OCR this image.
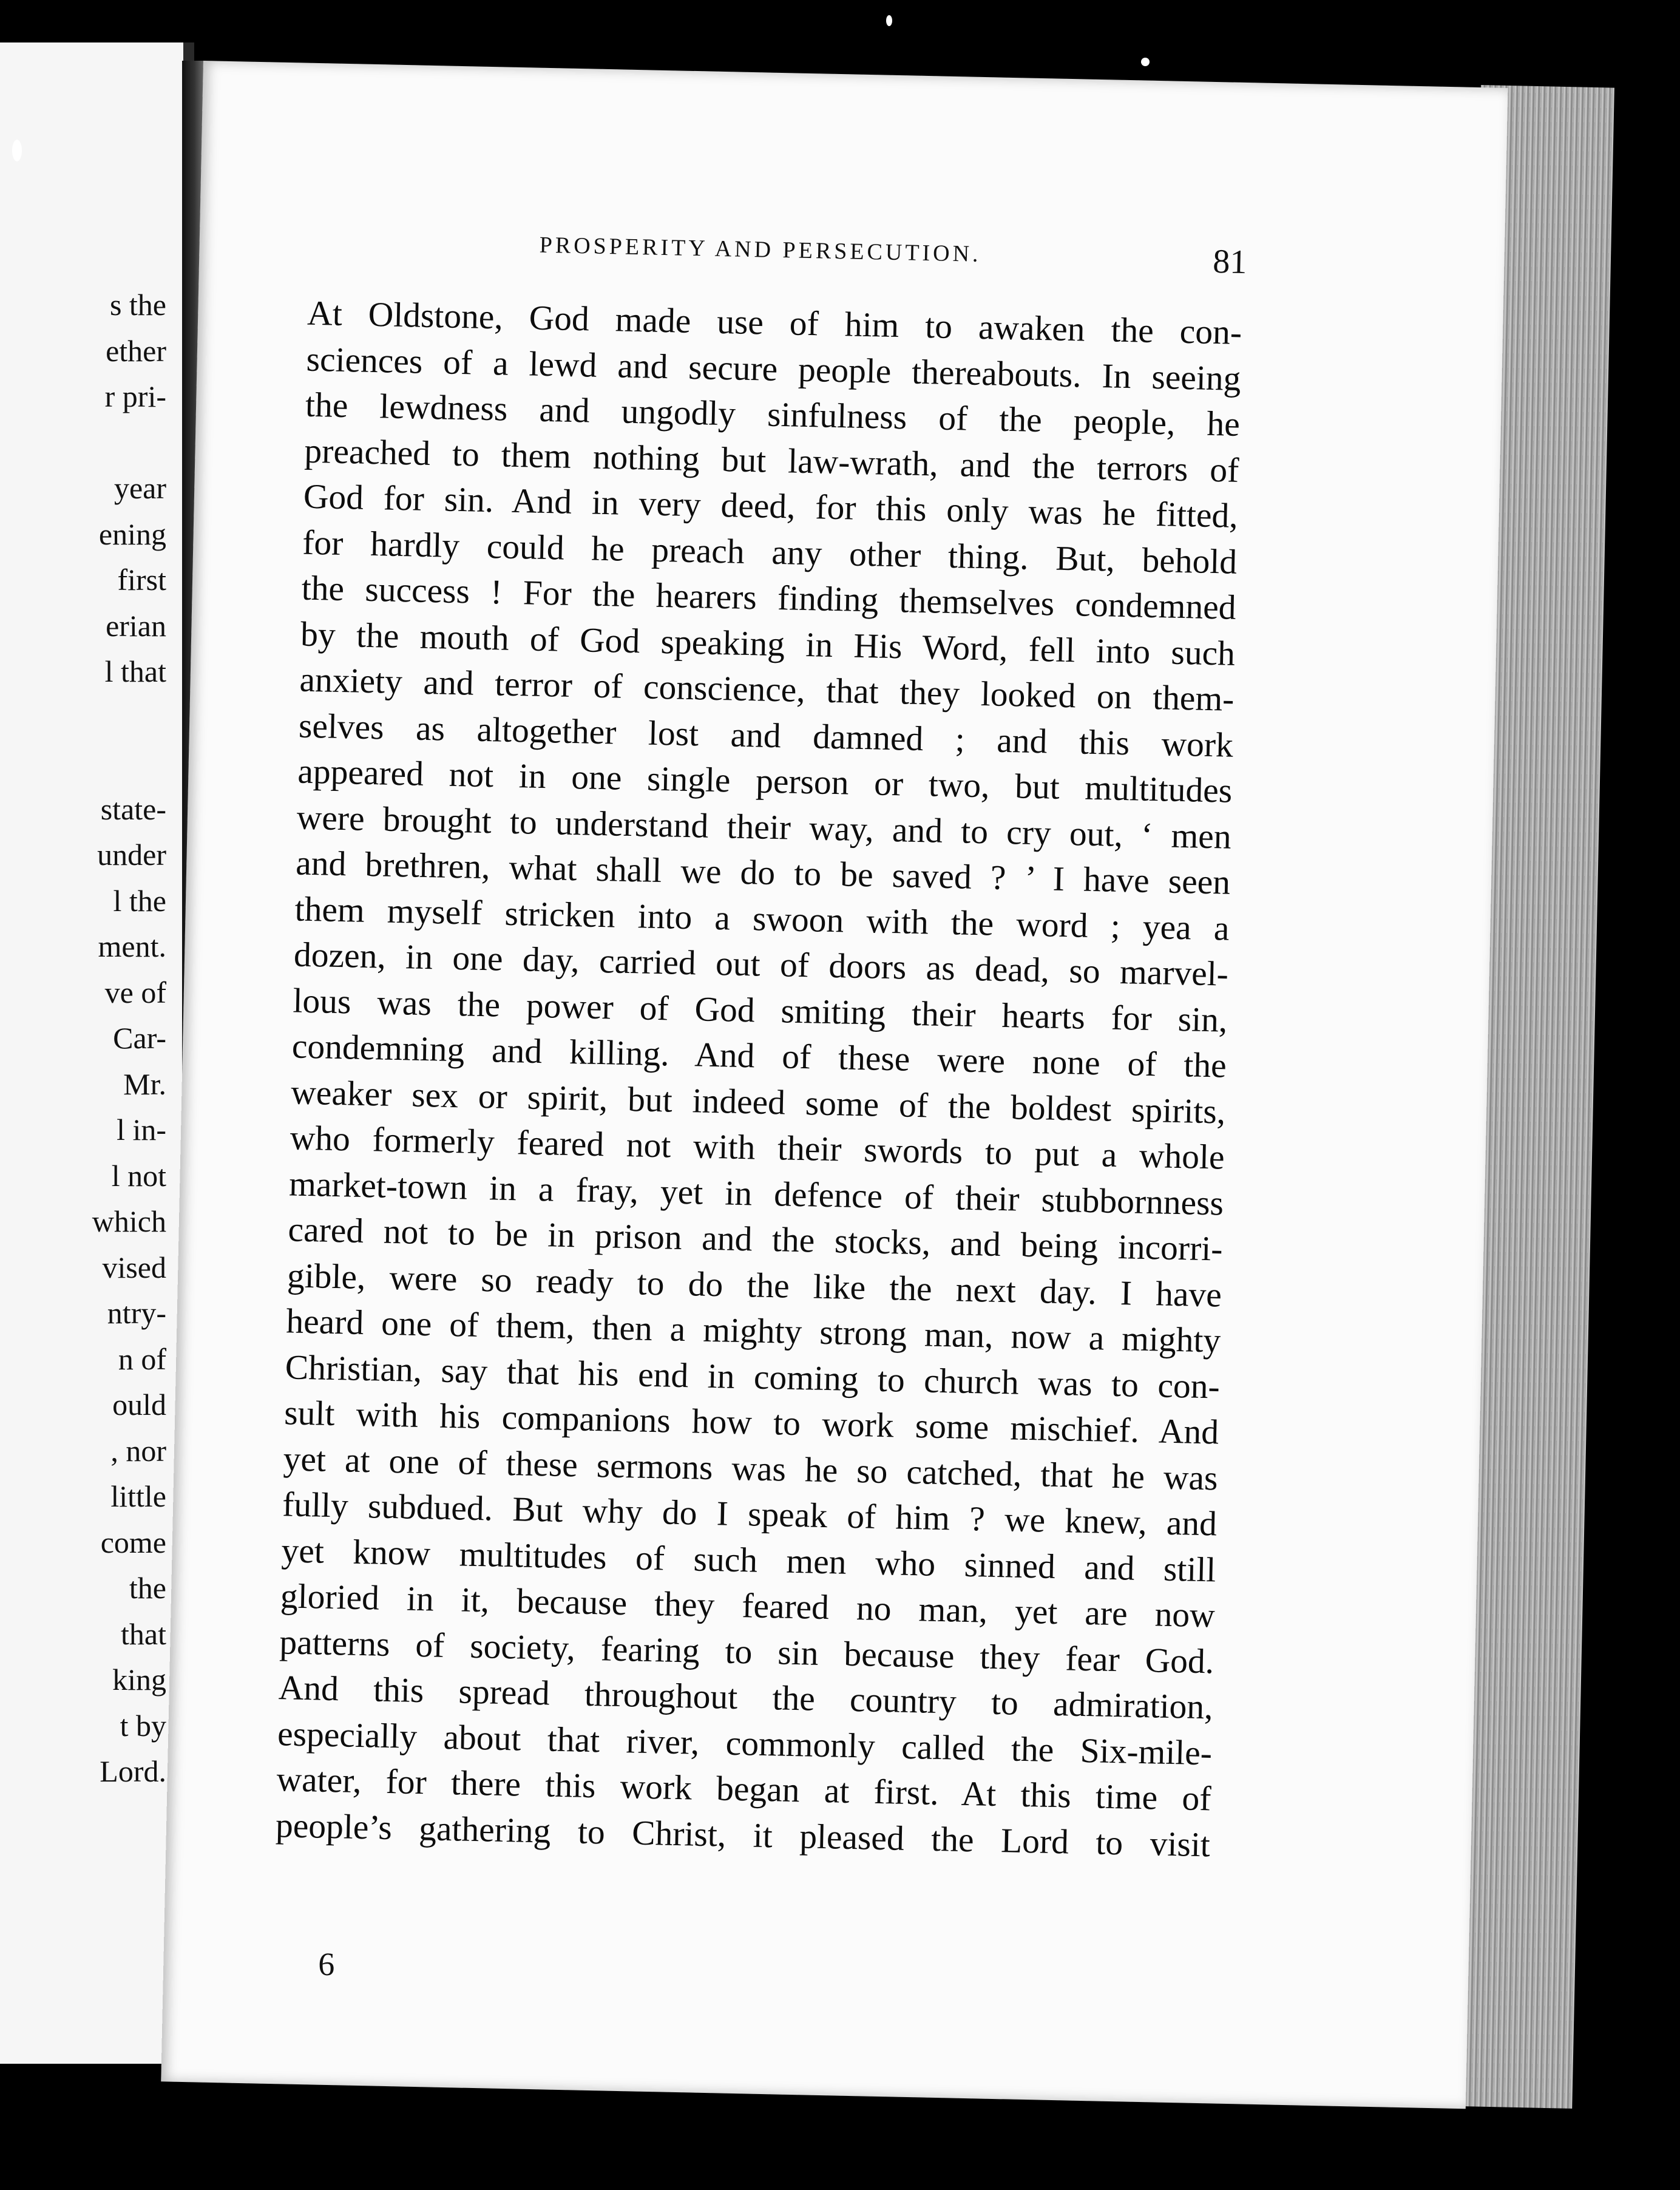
s the
ether
r pri-
year
ening
first
erian
l that
state-
under
l the
ment.
ve of
Car-
Mr.
l in-
l not
which
vised
ntry-
n of
ould
, nor
little
come
the
that
king
t by
Lord.
PROSPERITY AND PERSECUTION.	81
At Oldstone, God made use of him to awaken the con-
sciences of a lewd and secure people thereabouts. In seeing
the lewdness and ungodly sinfulness of the people, he
preached to them nothing but law-wrath, and the terrors of
God for sin. And in very deed, for this only was he fitted,
for hardly could he preach any other thing. But, behold
the success ! For the hearers finding themselves condemned
by the mouth of God speaking in His Word, fell into such
anxiety and terror of conscience, that they looked on them-
selves as altogether lost and damned ; and this work
appeared not in one single person or two, but multitudes
were brought to understand their way, and to cry out, ‘ men
and brethren, what shall we do to be saved ? ’ I have seen
them myself stricken into a swoon with the word ; yea a
dozen, in one day, carried out of doors as dead, so marvel-
lous was the power of God smiting their hearts for sin,
condemning and killing. And of these were none of the
weaker sex or spirit, but indeed some of the boldest spirits,
who formerly feared not with their swords to put a whole
market-town in a fray, yet in defence of their stubbornness
cared not to be in prison and the stocks, and being incorri-
gible, were so ready to do the like the next day. I have
heard one of them, then a mighty strong man, now a mighty
Christian, say that his end in coming to church was to con-
sult with his companions how to work some mischief. And
yet at one of these sermons was he so catched, that he was
fully subdued. But why do I speak of him ? we knew, and
yet know multitudes of such men who sinned and still
gloried in it, because they feared no man, yet are now
patterns of society, fearing to sin because they fear God.
And this spread throughout the country to admiration,
especially about that river, commonly called the Six-mile-
water, for there this work began at first. At this time of
people’s gathering to Christ, it pleased the Lord to visit
6
